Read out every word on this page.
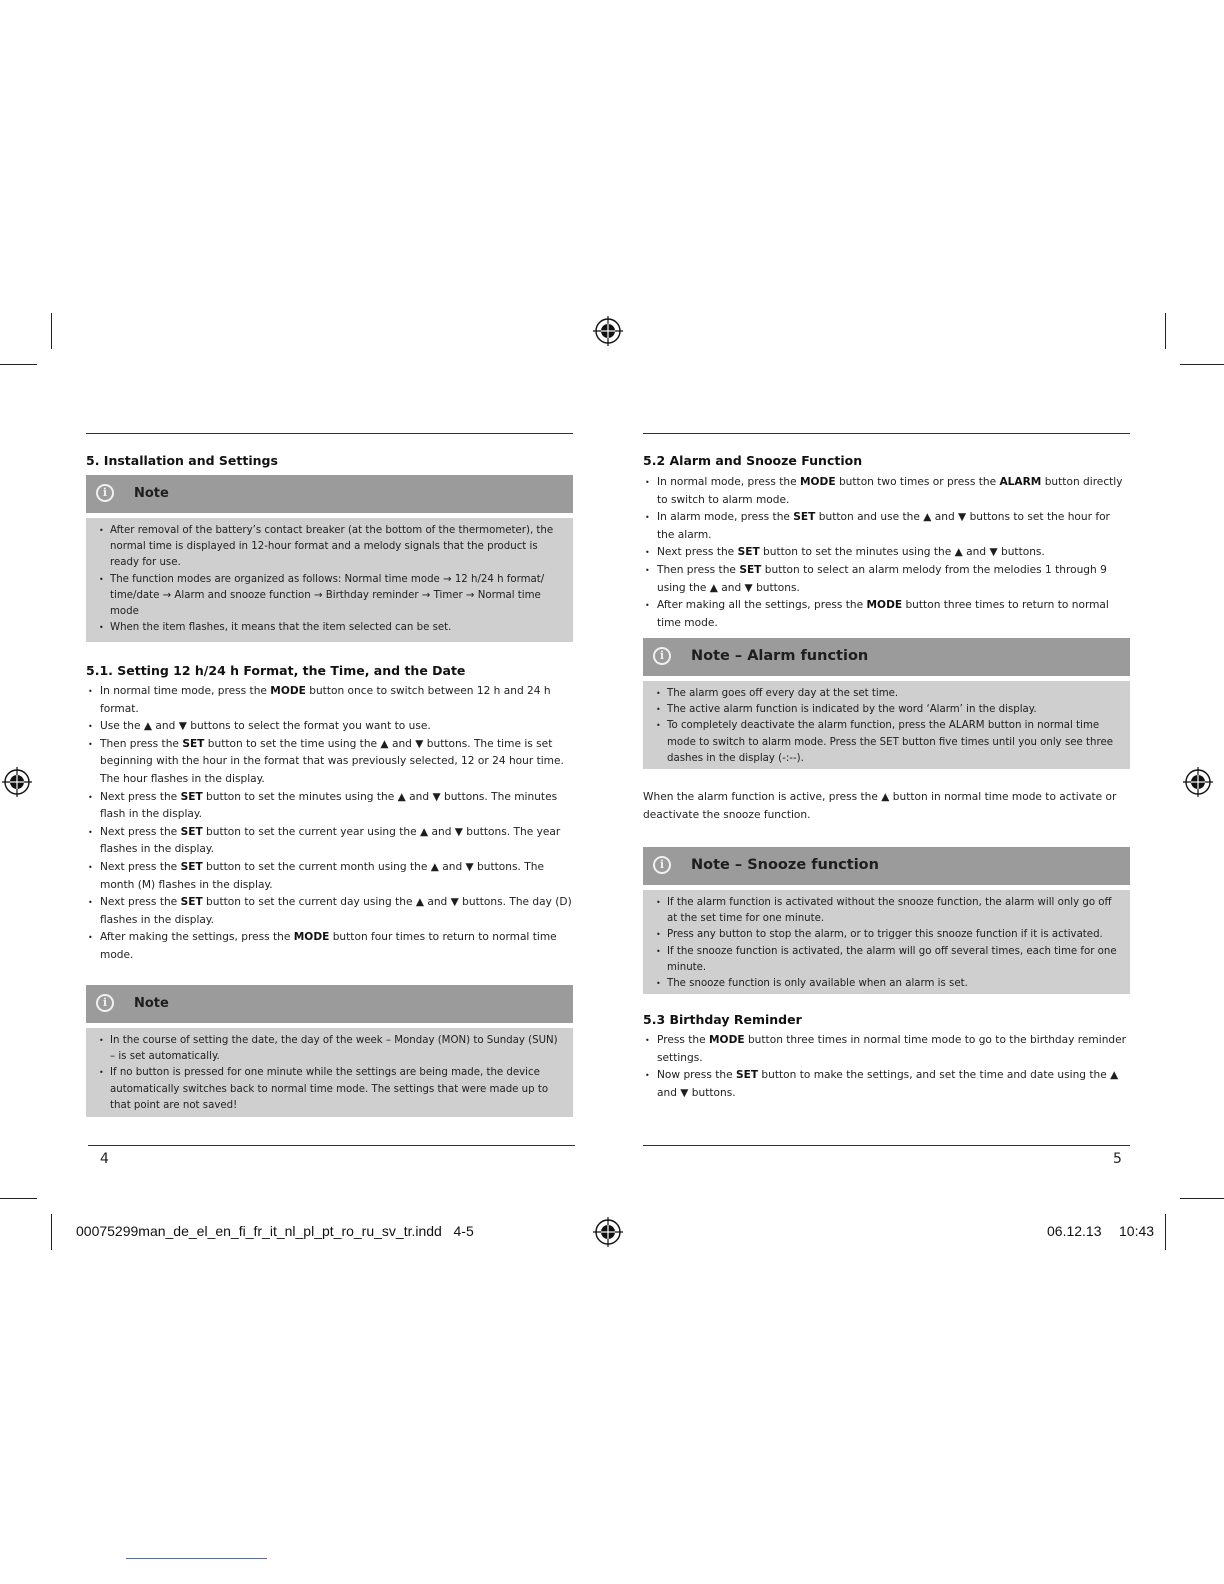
5. Installation and Settings
i	Note
• After removal of the battery’s contact breaker (at the bottom of the thermometer), the normal time is displayed in 12-hour format and a melody signals that the product is ready for use.
• The function modes are organized as follows: Normal time mode → 12 h/24 h format/ time/date → Alarm and snooze function → Birthday reminder → Timer → Normal time mode
• When the item flashes, it means that the item selected can be set.
5.1. Setting 12 h/24 h Format, the Time, and the Date
• In normal time mode, press the MODE button once to switch between 12 h and 24 h format.
• Use the ▲ and ▼ buttons to select the format you want to use.
• Then press the SET button to set the time using the ▲ and ▼ buttons. The time is set beginning with the hour in the format that was previously selected, 12 or 24 hour time. The hour flashes in the display.
• Next press the SET button to set the minutes using the ▲ and ▼ buttons. The minutes flash in the display.
• Next press the SET button to set the current year using the ▲ and ▼ buttons. The year flashes in the display.
• Next press the SET button to set the current month using the ▲ and ▼ buttons. The month (M) flashes in the display.
• Next press the SET button to set the current day using the ▲ and ▼ buttons. The day (D) flashes in the display.
• After making the settings, press the MODE button four times to return to normal time mode.
i	Note
• In the course of setting the date, the day of the week – Monday (MON) to Sunday (SUN) – is set automatically.
• If no button is pressed for one minute while the settings are being made, the device automatically switches back to normal time mode. The settings that were made up to that point are not saved!
4
5.2 Alarm and Snooze Function
• In normal mode, press the MODE button two times or press the ALARM button directly to switch to alarm mode.
• In alarm mode, press the SET button and use the ▲ and ▼ buttons to set the hour for the alarm.
• Next press the SET button to set the minutes using the ▲ and ▼ buttons.
• Then press the SET button to select an alarm melody from the melodies 1 through 9 using the ▲ and ▼ buttons.
• After making all the settings, press the MODE button three times to return to normal time mode.
i	Note – Alarm function
• The alarm goes off every day at the set time.
• The active alarm function is indicated by the word ‘Alarm’ in the display.
• To completely deactivate the alarm function, press the ALARM button in normal time mode to switch to alarm mode. Press the SET button five times until you only see three dashes in the display (-:--).
When the alarm function is active, press the ▲ button in normal time mode to activate or deactivate the snooze function.
i	Note – Snooze function
• If the alarm function is activated without the snooze function, the alarm will only go off at the set time for one minute.
• Press any button to stop the alarm, or to trigger this snooze function if it is activated.
• If the snooze function is activated, the alarm will go off several times, each time for one minute.
• The snooze function is only available when an alarm is set.
5.3 Birthday Reminder
• Press the MODE button three times in normal time mode to go to the birthday reminder settings.
• Now press the SET button to make the settings, and set the time and date using the ▲ and ▼ buttons.
5
00075299man_de_el_en_fi_fr_it_nl_pl_pt_ro_ru_sv_tr.indd   4-5	06.12.13 10:43
